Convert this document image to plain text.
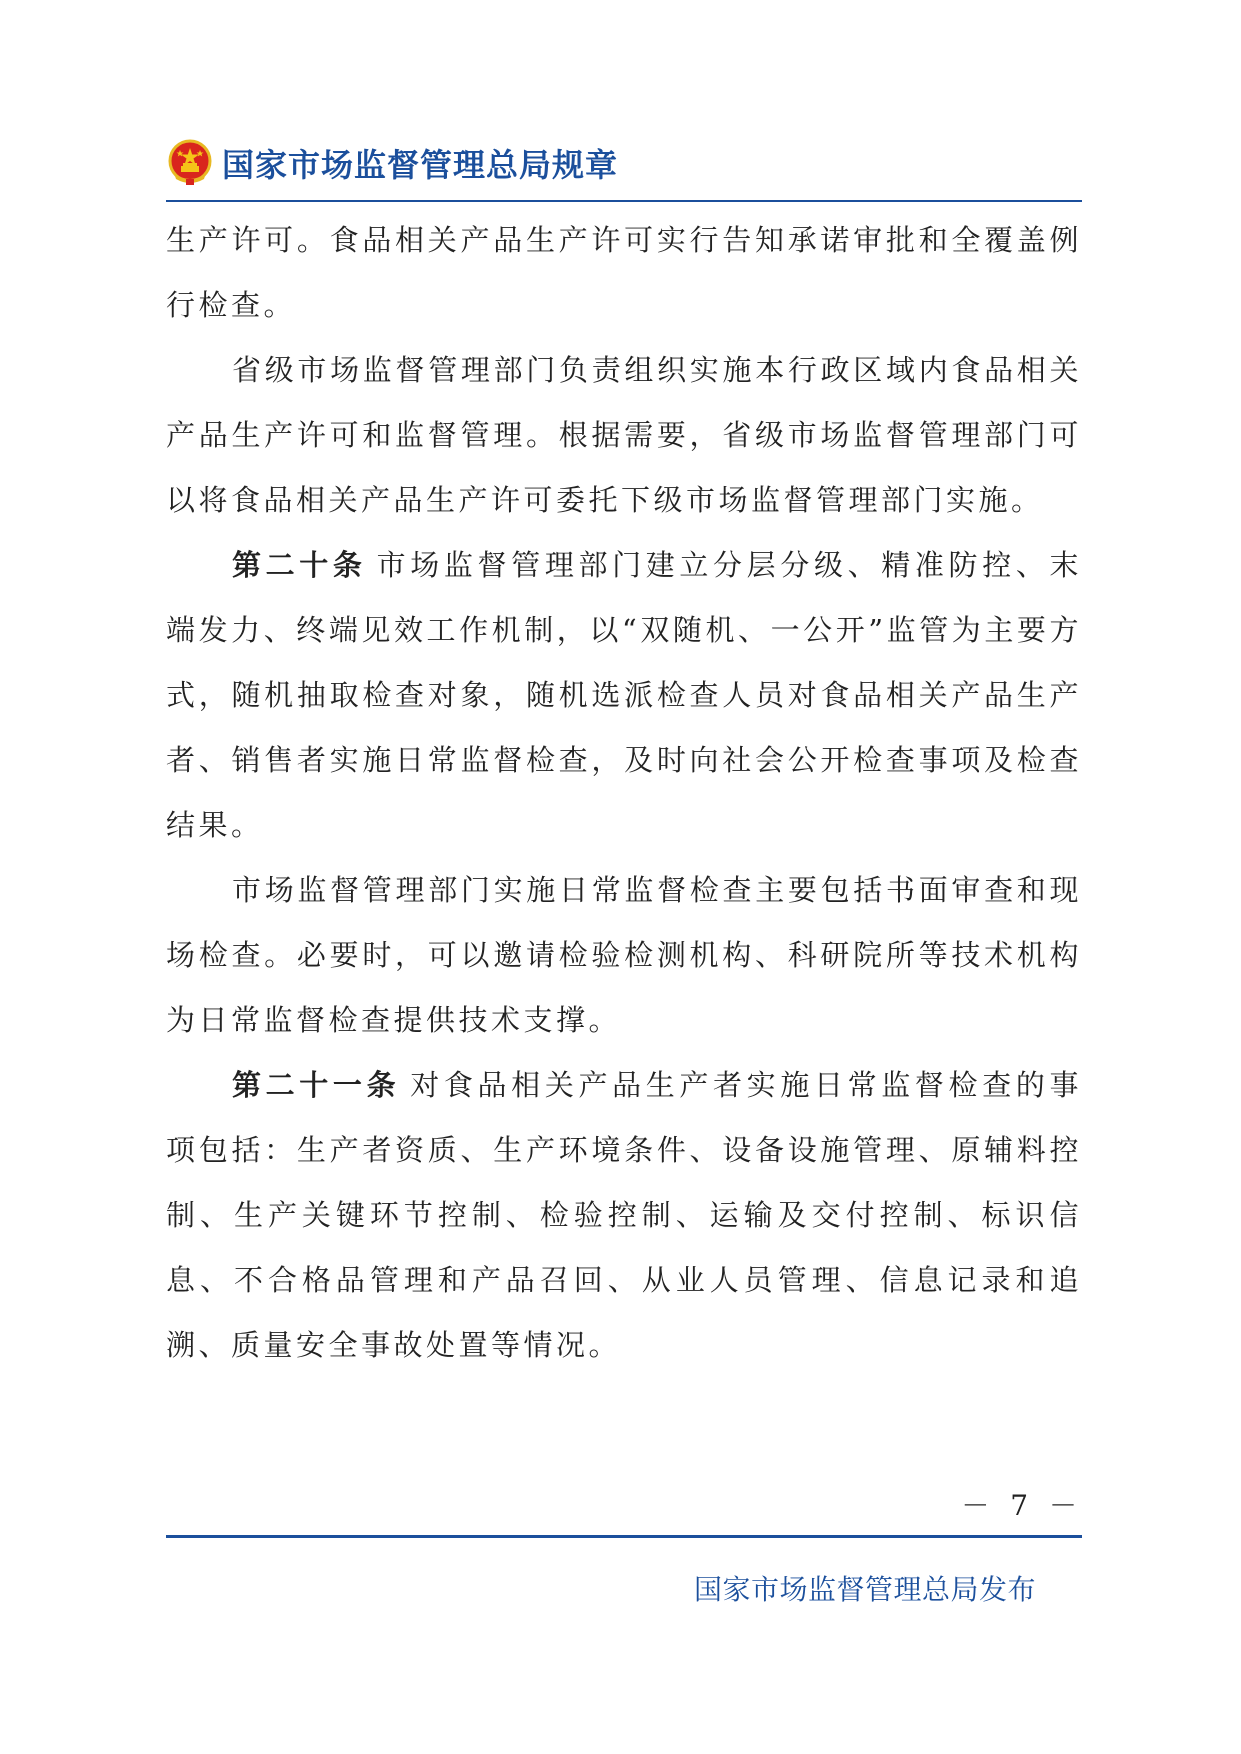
国家市场监督管理总局规章

生产许可。食品相关产品生产许可实行告知承诺审批和全覆盖例行检查。

省级市场监督管理部门负责组织实施本行政区域内食品相关产品生产许可和监督管理。根据需要，省级市场监督管理部门可以将食品相关产品生产许可委托下级市场监督管理部门实施。

第二十条 市场监督管理部门建立分层分级、精准防控、末端发力、终端见效工作机制，以“双随机、一公开”监管为主要方式，随机抽取检查对象，随机选派检查人员对食品相关产品生产者、销售者实施日常监督检查，及时向社会公开检查事项及检查结果。

市场监督管理部门实施日常监督检查主要包括书面审查和现场检查。必要时，可以邀请检验检测机构、科研院所等技术机构为日常监督检查提供技术支撑。

第二十一条 对食品相关产品生产者实施日常监督检查的事项包括：生产者资质、生产环境条件、设备设施管理、原辅料控制、生产关键环节控制、检验控制、运输及交付控制、标识信息、不合格品管理和产品召回、从业人员管理、信息记录和追溯、质量安全事故处置等情况。

－ 7 －
国家市场监督管理总局发布
